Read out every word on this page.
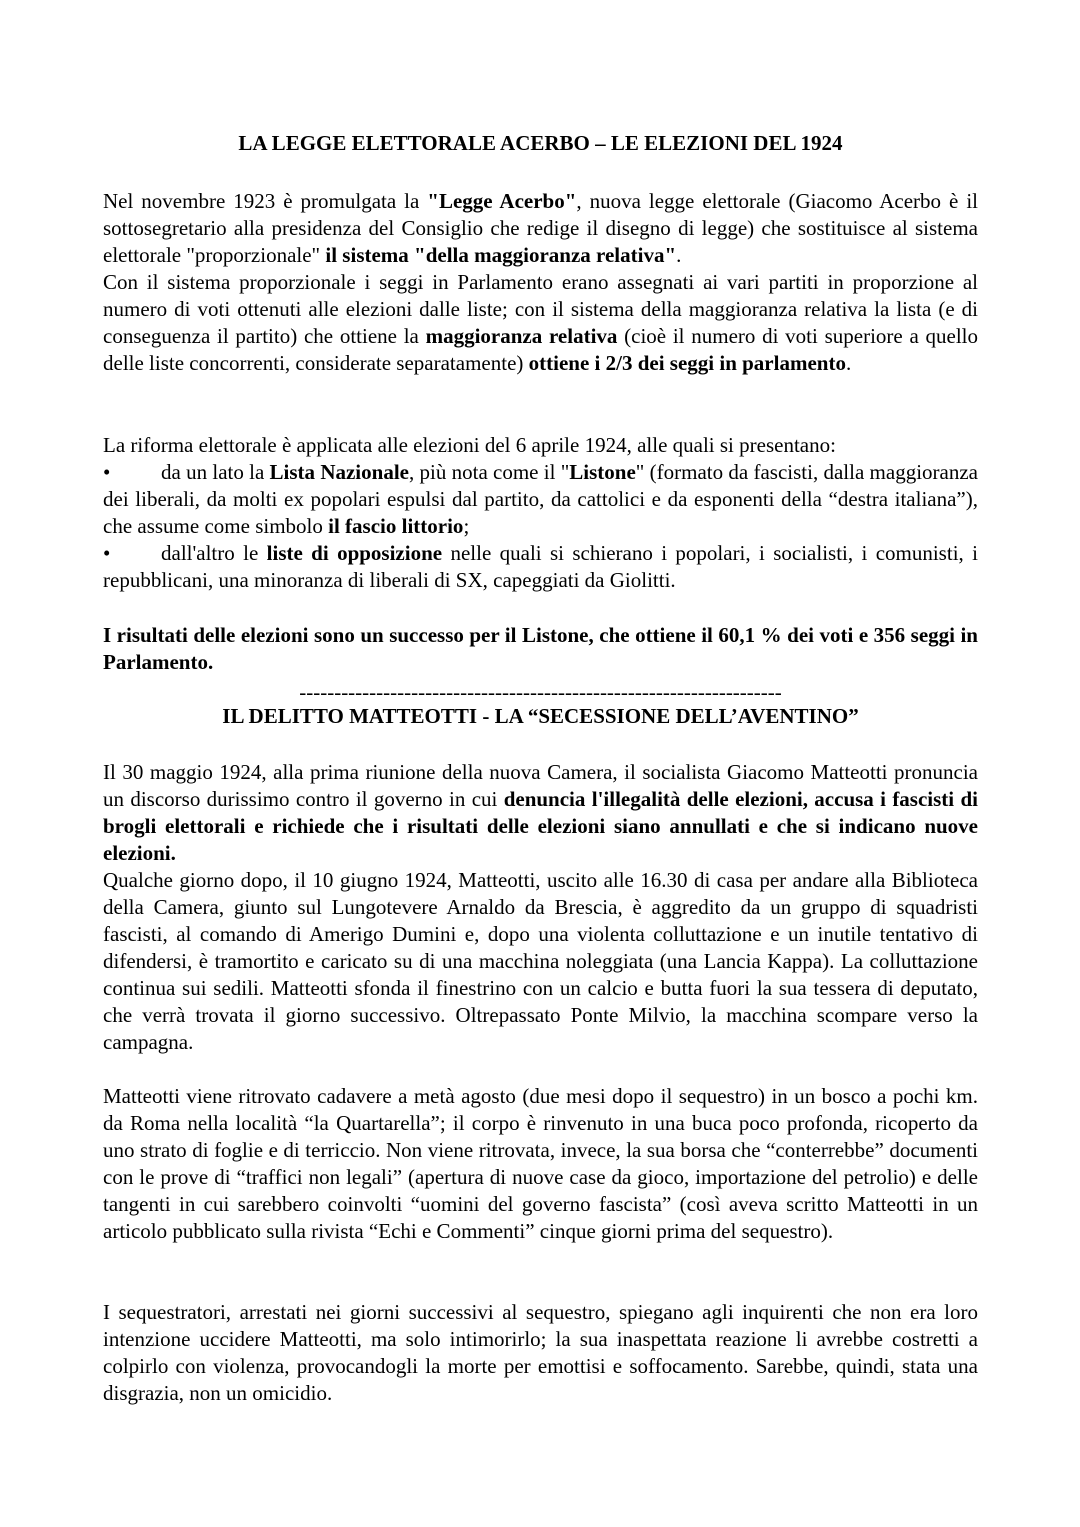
LA LEGGE ELETTORALE ACERBO – LE ELEZIONI DEL 1924

Nel novembre 1923 è promulgata la "Legge Acerbo", nuova legge elettorale (Giacomo Acerbo è il sottosegretario alla presidenza del Consiglio che redige il disegno di legge) che sostituisce al sistema elettorale "proporzionale" il sistema "della maggioranza relativa".

Con il sistema proporzionale i seggi in Parlamento erano assegnati ai vari partiti in proporzione al numero di voti ottenuti alle elezioni dalle liste; con il sistema della maggioranza relativa la lista (e di conseguenza il partito) che ottiene la maggioranza relativa (cioè il numero di voti superiore a quello delle liste concorrenti, considerate separatamente) ottiene i 2/3 dei seggi in parlamento.

La riforma elettorale è applicata alle elezioni del 6 aprile 1924, alle quali si presentano:

• da un lato la Lista Nazionale, più nota come il "Listone" (formato da fascisti, dalla maggioranza dei liberali, da molti ex popolari espulsi dal partito, da cattolici e da esponenti della “destra italiana”), che assume come simbolo il fascio littorio;

• dall'altro le liste di opposizione nelle quali si schierano i popolari, i socialisti, i comunisti, i repubblicani, una minoranza di liberali di SX, capeggiati da Giolitti.

I risultati delle elezioni sono un successo per il Listone, che ottiene il 60,1 % dei voti e 356 seggi in Parlamento.

---------------------------------------------------------------------
IL DELITTO MATTEOTTI - LA “SECESSIONE DELL’AVENTINO”

Il 30 maggio 1924, alla prima riunione della nuova Camera, il socialista Giacomo Matteotti pronuncia un discorso durissimo contro il governo in cui denuncia l'illegalità delle elezioni, accusa i fascisti di brogli elettorali e richiede che i risultati delle elezioni siano annullati e che si indicano nuove elezioni.

Qualche giorno dopo, il 10 giugno 1924, Matteotti, uscito alle 16.30 di casa per andare alla Biblioteca della Camera, giunto sul Lungotevere Arnaldo da Brescia, è aggredito da un gruppo di squadristi fascisti, al comando di Amerigo Dumini e, dopo una violenta colluttazione e un inutile tentativo di difendersi, è tramortito e caricato su di una macchina noleggiata (una Lancia Kappa). La colluttazione continua sui sedili. Matteotti sfonda il finestrino con un calcio e butta fuori la sua tessera di deputato, che verrà trovata il giorno successivo. Oltrepassato Ponte Milvio, la macchina scompare verso la campagna.

Matteotti viene ritrovato cadavere a metà agosto (due mesi dopo il sequestro) in un bosco a pochi km. da Roma nella località “la Quartarella”; il corpo è rinvenuto in una buca poco profonda, ricoperto da uno strato di foglie e di terriccio. Non viene ritrovata, invece, la sua borsa che “conterrebbe” documenti con le prove di “traffici non legali” (apertura di nuove case da gioco, importazione del petrolio) e delle tangenti in cui sarebbero coinvolti “uomini del governo fascista” (così aveva scritto Matteotti in un articolo pubblicato sulla rivista “Echi e Commenti” cinque giorni prima del sequestro).

I sequestratori, arrestati nei giorni successivi al sequestro, spiegano agli inquirenti che non era loro intenzione uccidere Matteotti, ma solo intimorirlo; la sua inaspettata reazione li avrebbe costretti a colpirlo con violenza, provocandogli la morte per emottisi e soffocamento. Sarebbe, quindi, stata una disgrazia, non un omicidio.
